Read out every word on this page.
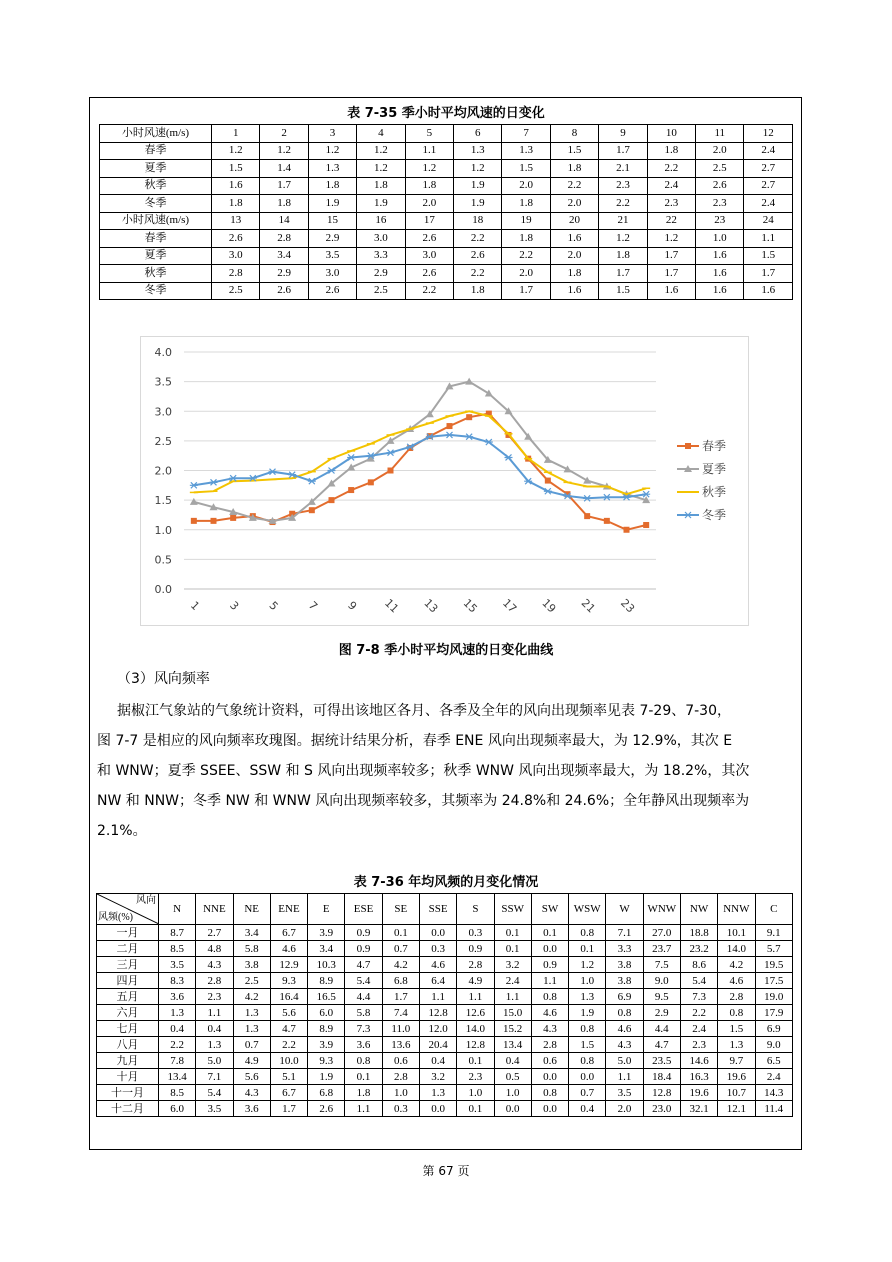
表 7-35 季小时平均风速的日变化
小时风速(m/s)	1	2	3	4	5	6	7	8	9	10	11	12
春季	1.2	1.2	1.2	1.2	1.1	1.3	1.3	1.5	1.7	1.8	2.0	2.4
夏季	1.5	1.4	1.3	1.2	1.2	1.2	1.5	1.8	2.1	2.2	2.5	2.7
秋季	1.6	1.7	1.8	1.8	1.8	1.9	2.0	2.2	2.3	2.4	2.6	2.7
冬季	1.8	1.8	1.9	1.9	2.0	1.9	1.8	2.0	2.2	2.3	2.3	2.4
小时风速(m/s)	13	14	15	16	17	18	19	20	21	22	23	24
春季	2.6	2.8	2.9	3.0	2.6	2.2	1.8	1.6	1.2	1.2	1.0	1.1
夏季	3.0	3.4	3.5	3.3	3.0	2.6	2.2	2.0	1.8	1.7	1.6	1.5
秋季	2.8	2.9	3.0	2.9	2.6	2.2	2.0	1.8	1.7	1.7	1.6	1.7
冬季	2.5	2.6	2.6	2.5	2.2	1.8	1.7	1.6	1.5	1.6	1.6	1.6
0.0
0.5
1.0
1.5
2.0
2.5
3.0
3.5
4.0
1 3 5 7 9 11 13 15 17 19 21 23
春季
夏季
秋季
冬季
图 7-8 季小时平均风速的日变化曲线
（3）风向频率
据椒江气象站的气象统计资料，可得出该地区各月、各季及全年的风向出现频率见表 7-29、7-30，
图 7-7 是相应的风向频率玫瑰图。据统计结果分析，春季 ENE 风向出现频率最大，为 12.9%，其次 E
和 WNW；夏季 SSEE、SSW 和 S 风向出现频率较多；秋季 WNW 风向出现频率最大，为 18.2%，其次
NW 和 NNW；冬季 NW 和 WNW 风向出现频率较多，其频率为 24.8%和 24.6%；全年静风出现频率为
2.1%。
表 7-36 年均风频的月变化情况
风向
风频(%)	N	NNE	NE	ENE	E	ESE	SE	SSE	S	SSW	SW	WSW	W	WNW	NW	NNW	C
一月	8.7	2.7	3.4	6.7	3.9	0.9	0.1	0.0	0.3	0.1	0.1	0.8	7.1	27.0	18.8	10.1	9.1
二月	8.5	4.8	5.8	4.6	3.4	0.9	0.7	0.3	0.9	0.1	0.0	0.1	3.3	23.7	23.2	14.0	5.7
三月	3.5	4.3	3.8	12.9	10.3	4.7	4.2	4.6	2.8	3.2	0.9	1.2	3.8	7.5	8.6	4.2	19.5
四月	8.3	2.8	2.5	9.3	8.9	5.4	6.8	6.4	4.9	2.4	1.1	1.0	3.8	9.0	5.4	4.6	17.5
五月	3.6	2.3	4.2	16.4	16.5	4.4	1.7	1.1	1.1	1.1	0.8	1.3	6.9	9.5	7.3	2.8	19.0
六月	1.3	1.1	1.3	5.6	6.0	5.8	7.4	12.8	12.6	15.0	4.6	1.9	0.8	2.9	2.2	0.8	17.9
七月	0.4	0.4	1.3	4.7	8.9	7.3	11.0	12.0	14.0	15.2	4.3	0.8	4.6	4.4	2.4	1.5	6.9
八月	2.2	1.3	0.7	2.2	3.9	3.6	13.6	20.4	12.8	13.4	2.8	1.5	4.3	4.7	2.3	1.3	9.0
九月	7.8	5.0	4.9	10.0	9.3	0.8	0.6	0.4	0.1	0.4	0.6	0.8	5.0	23.5	14.6	9.7	6.5
十月	13.4	7.1	5.6	5.1	1.9	0.1	2.8	3.2	2.3	0.5	0.0	0.0	1.1	18.4	16.3	19.6	2.4
十一月	8.5	5.4	4.3	6.7	6.8	1.8	1.0	1.3	1.0	1.0	0.8	0.7	3.5	12.8	19.6	10.7	14.3
十二月	6.0	3.5	3.6	1.7	2.6	1.1	0.3	0.0	0.1	0.0	0.0	0.4	2.0	23.0	32.1	12.1	11.4
第 67 页
